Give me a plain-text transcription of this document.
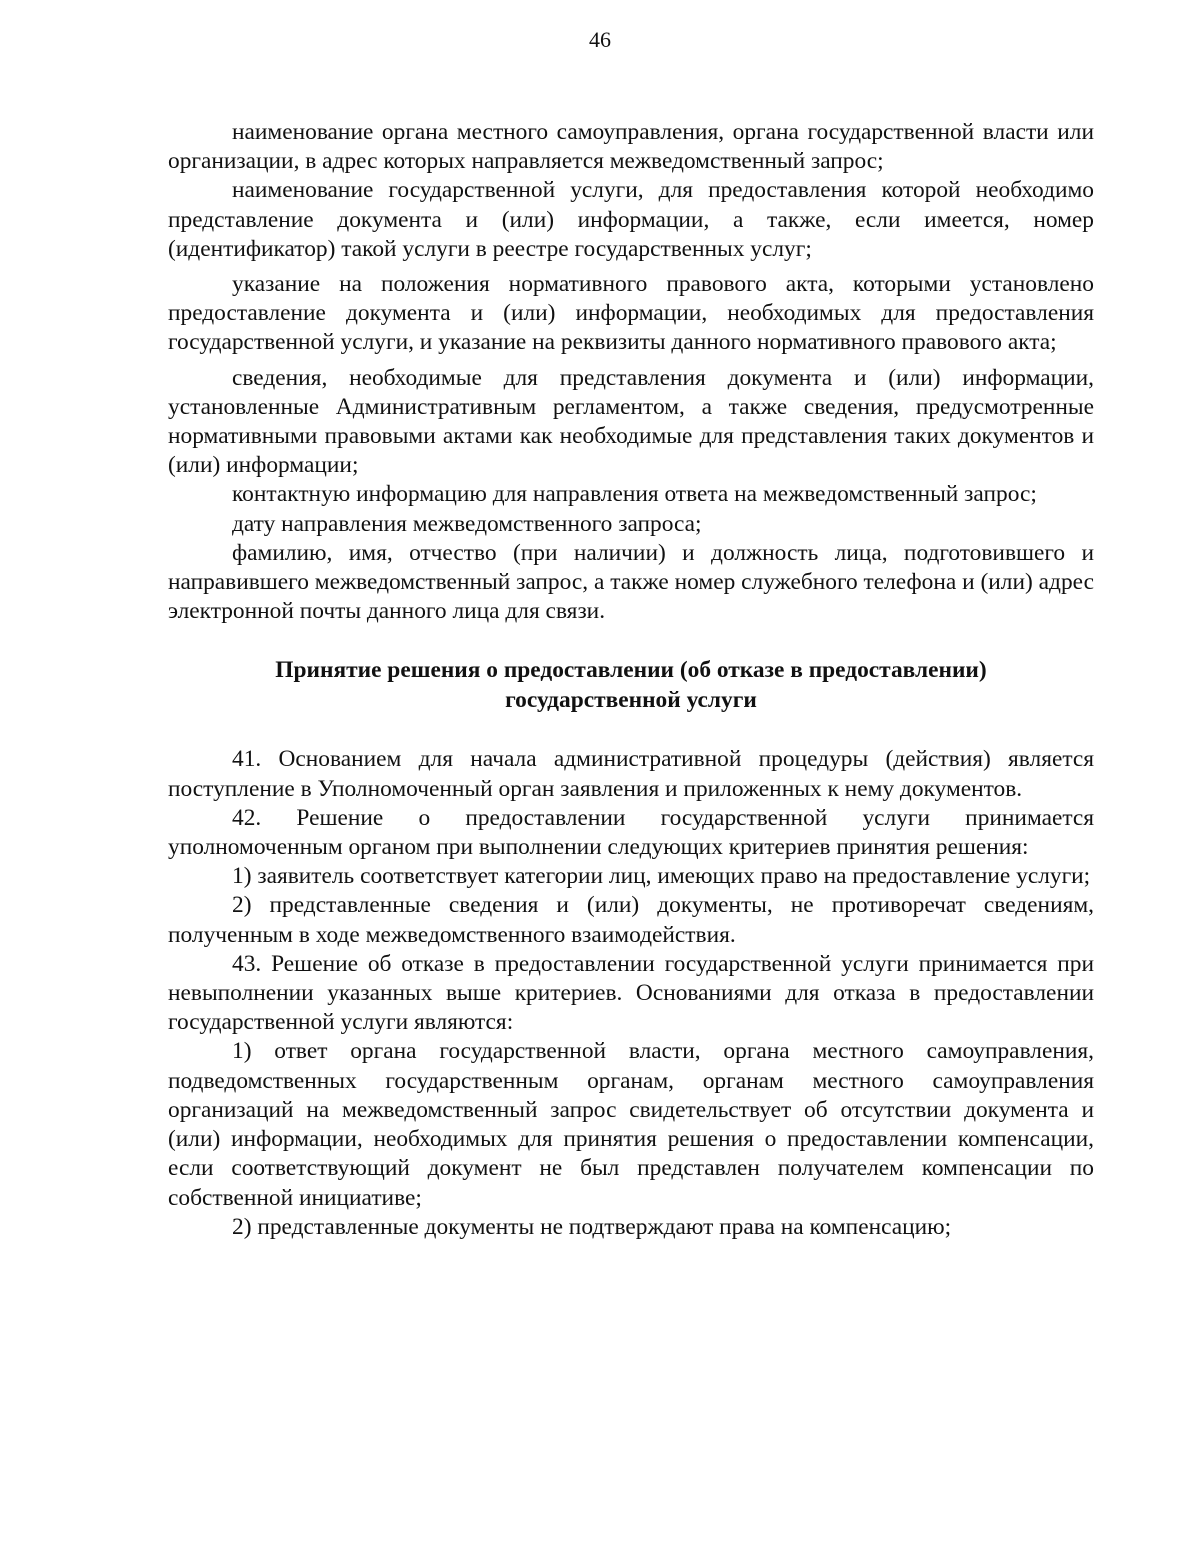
46

наименование органа местного самоуправления, органа государственной власти или организации, в адрес которых направляется межведомственный запрос;

наименование государственной услуги, для предоставления которой необходимо представление документа и (или) информации, а также, если имеется, номер (идентификатор) такой услуги в реестре государственных услуг;

указание на положения нормативного правового акта, которыми установлено предоставление документа и (или) информации, необходимых для предоставления государственной услуги, и указание на реквизиты данного нормативного правового акта;

сведения, необходимые для представления документа и (или) информации, установленные Административным регламентом, а также сведения, предусмотренные нормативными правовыми актами как необходимые для представления таких документов и (или) информации;

контактную информацию для направления ответа на межведомственный запрос;

дату направления межведомственного запроса;

фамилию, имя, отчество (при наличии) и должность лица, подготовившего и направившего межведомственный запрос, а также номер служебного телефона и (или) адрес электронной почты данного лица для связи.

Принятие решения о предоставлении (об отказе в предоставлении)
государственной услуги

41. Основанием для начала административной процедуры (действия) является поступление в Уполномоченный орган заявления и приложенных к нему документов.

42. Решение о предоставлении государственной услуги принимается уполномоченным органом при выполнении следующих критериев принятия решения:

1) заявитель соответствует категории лиц, имеющих право на предоставление услуги;

2) представленные сведения и (или) документы, не противоречат сведениям, полученным в ходе межведомственного взаимодействия.

43. Решение об отказе в предоставлении государственной услуги принимается при невыполнении указанных выше критериев. Основаниями для отказа в предоставлении государственной услуги являются:

1) ответ органа государственной власти, органа местного самоуправления, подведомственных государственным органам, органам местного самоуправления организаций на межведомственный запрос свидетельствует об отсутствии документа и (или) информации, необходимых для принятия решения о предоставлении компенсации, если соответствующий документ не был представлен получателем компенсации по собственной инициативе;

2) представленные документы не подтверждают права на компенсацию;
